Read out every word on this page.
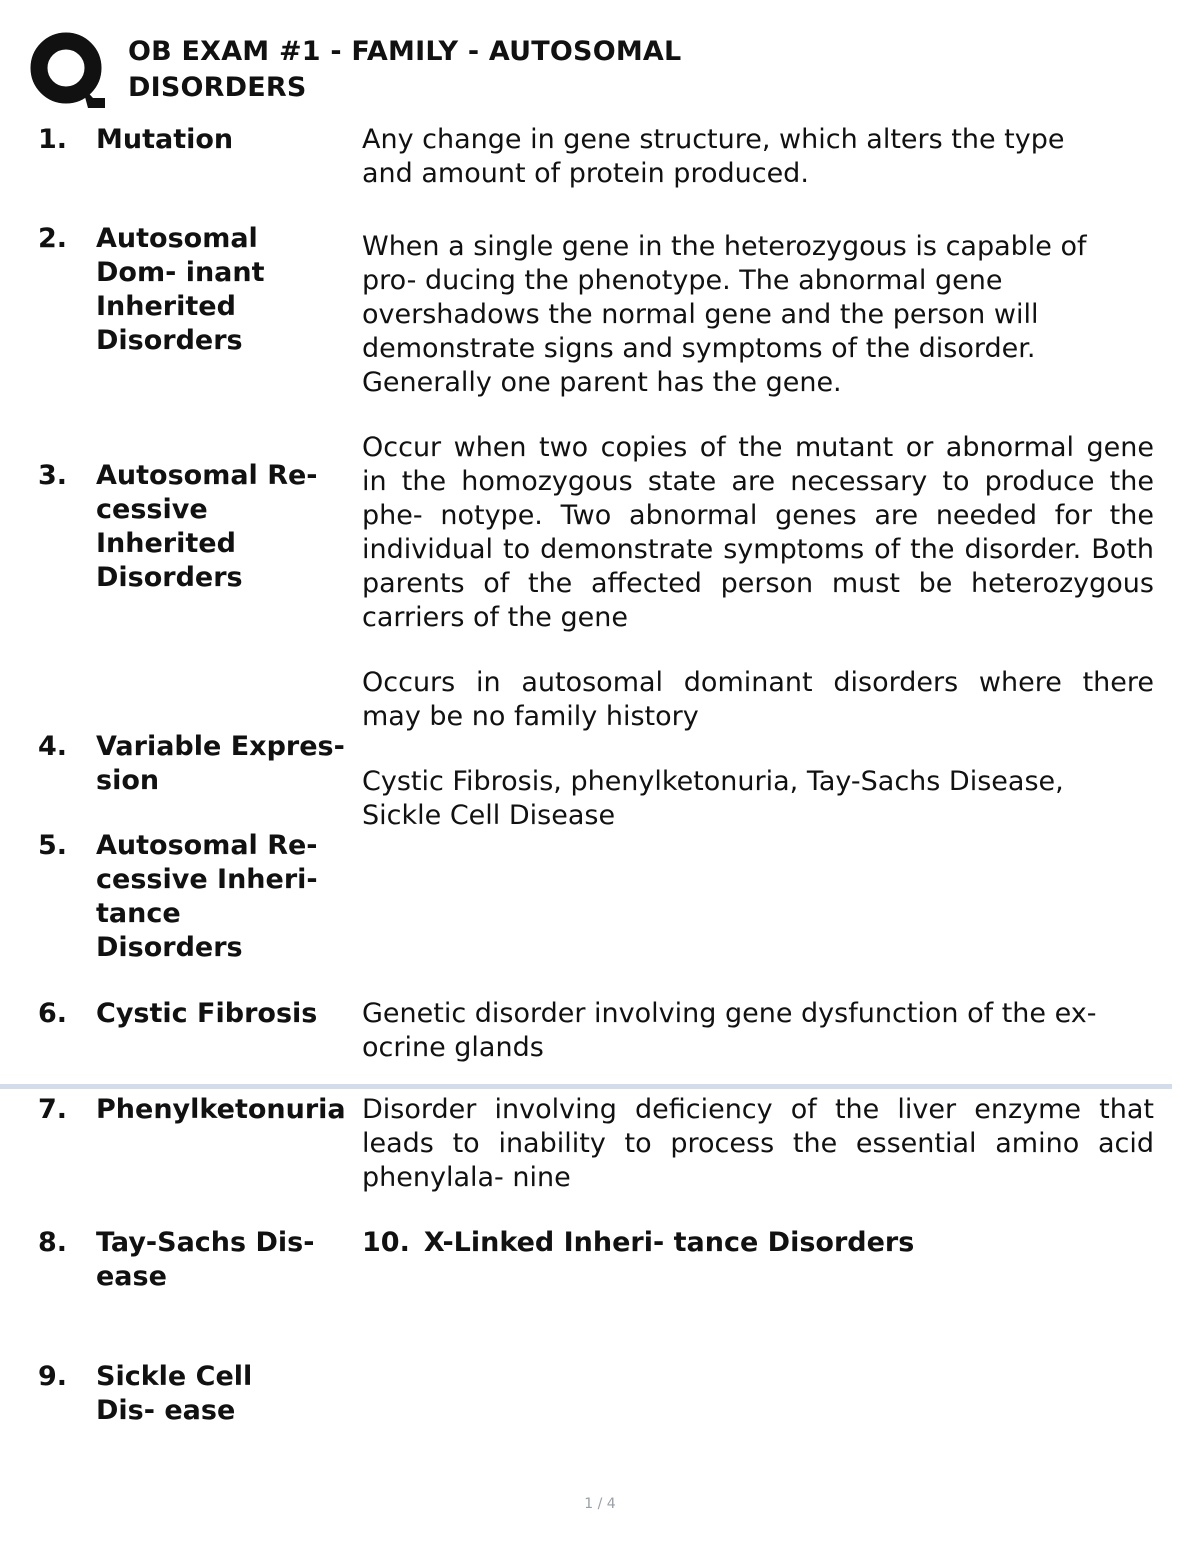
OB EXAM #1 - FAMILY - AUTOSOMAL
DISORDERS
1. Mutation	Any change in gene structure, which alters the type
and amount of protein produced.
2. Autosomal
Dom- inant
Inherited
Disorders
When a single gene in the heterozygous is capable of
pro- ducing the phenotype. The abnormal gene
overshadows the normal gene and the person will
demonstrate signs and symptoms of the disorder.
Generally one parent has the gene.
3. Autosomal Re-
cessive
Inherited
Disorders
Occur when two copies of the mutant or abnormal gene
in the homozygous state are necessary to produce the
phe- notype. Two abnormal genes are needed for the
individual to demonstrate symptoms of the disorder. Both
parents of the affected person must be heterozygous
carriers of the gene
4. Variable Expres-
sion
Occurs in autosomal dominant disorders where there
may be no family history
5. Autosomal Re-
cessive Inheri-
tance
Disorders
Cystic Fibrosis, phenylketonuria, Tay-Sachs Disease,
Sickle Cell Disease
6. Cystic Fibrosis Genetic disorder involving gene dysfunction of the ex-
ocrine glands
7. Phenylketonuria Disorder involving deficiency of the liver enzyme that
leads to inability to process the essential amino acid
phenylala- nine
8. Tay-Sachs Dis-
ease
10. X-Linked Inheri- tance Disorders
9. Sickle Cell
Dis- ease
1 / 4
